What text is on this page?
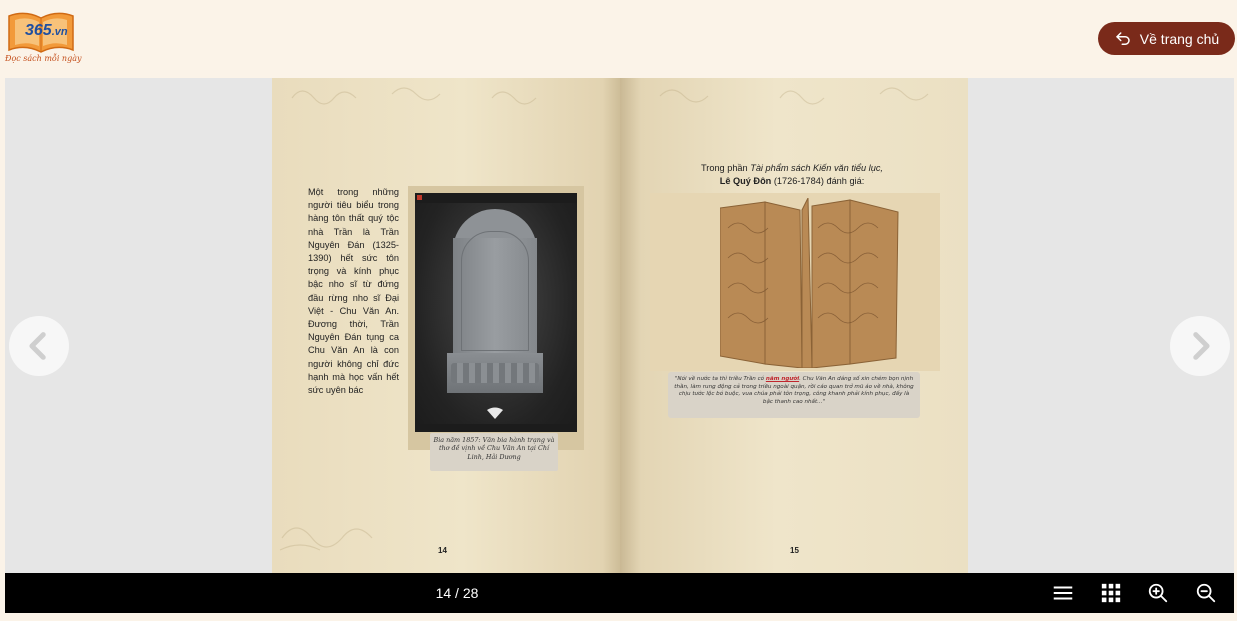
365.vn
Đọc sách mỗi ngày
Về trang chủ
Một trong những người tiêu biểu trong hàng tôn thất quý tộc nhà Trần là Trần Nguyên Đán (1325-1390) hết sức tôn trọng và kính phục bậc nho sĩ từ đứng đầu rừng nho sĩ Đại Việt - Chu Văn An. Đương thời, Trần Nguyên Đán tụng ca Chu Văn An là con người không chỉ đức hạnh mà học vấn hết sức uyên bác
Bia năm 1857: Văn bia hành trạng và thơ đề vịnh về Chu Văn An tại Chí Linh, Hải Dương
14
Trong phần Tài phẩm sách Kiến văn tiểu lục,
Lê Quý Đôn (1726-1784) đánh giá:
"Nói về nước ta thì triều Trần có năm người. Chu Văn An dáng số xin chém bọn nịnh thần, làm rung động cả trong triều ngoài quận, rồi cáo quan trở mũ áo về nhà, không chịu tước lộc bó buộc, vua chúa phải tôn trọng, công khanh phải kính phục, đấy là bậc thanh cao nhất..."
15
14 / 28
